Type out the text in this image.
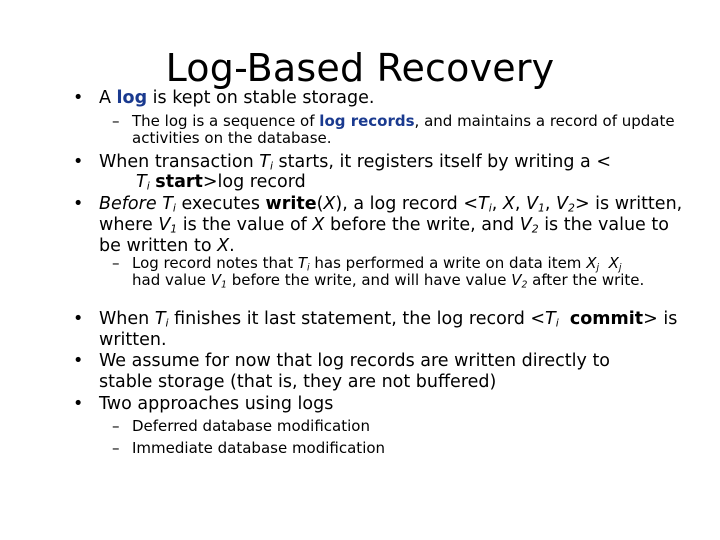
Log-Based Recovery
• A log is kept on stable storage.
– The log is a sequence of log records, and maintains a record of update activities on the database.
• When transaction $T_i$ starts, it registers itself by writing a <
$T_i$ start>log record
• Before $T_i$ executes write(X), a log record $<T_i$, X, $V_1$, $V_2>$ is written, where $V_1$ is the value of X before the write, and $V_2$ is the value to be written to X.
– Log record notes that $T_i$ has performed a write on data item $X_j$ $X_j$
had value $V_1$ before the write, and will have value $V_2$ after the write.
• When $T_i$ finishes it last statement, the log record $<T_i$ commit> is written.
• We assume for now that log records are written directly to stable storage (that is, they are not buffered)
• Two approaches using logs
– Deferred database modification
– Immediate database modification
